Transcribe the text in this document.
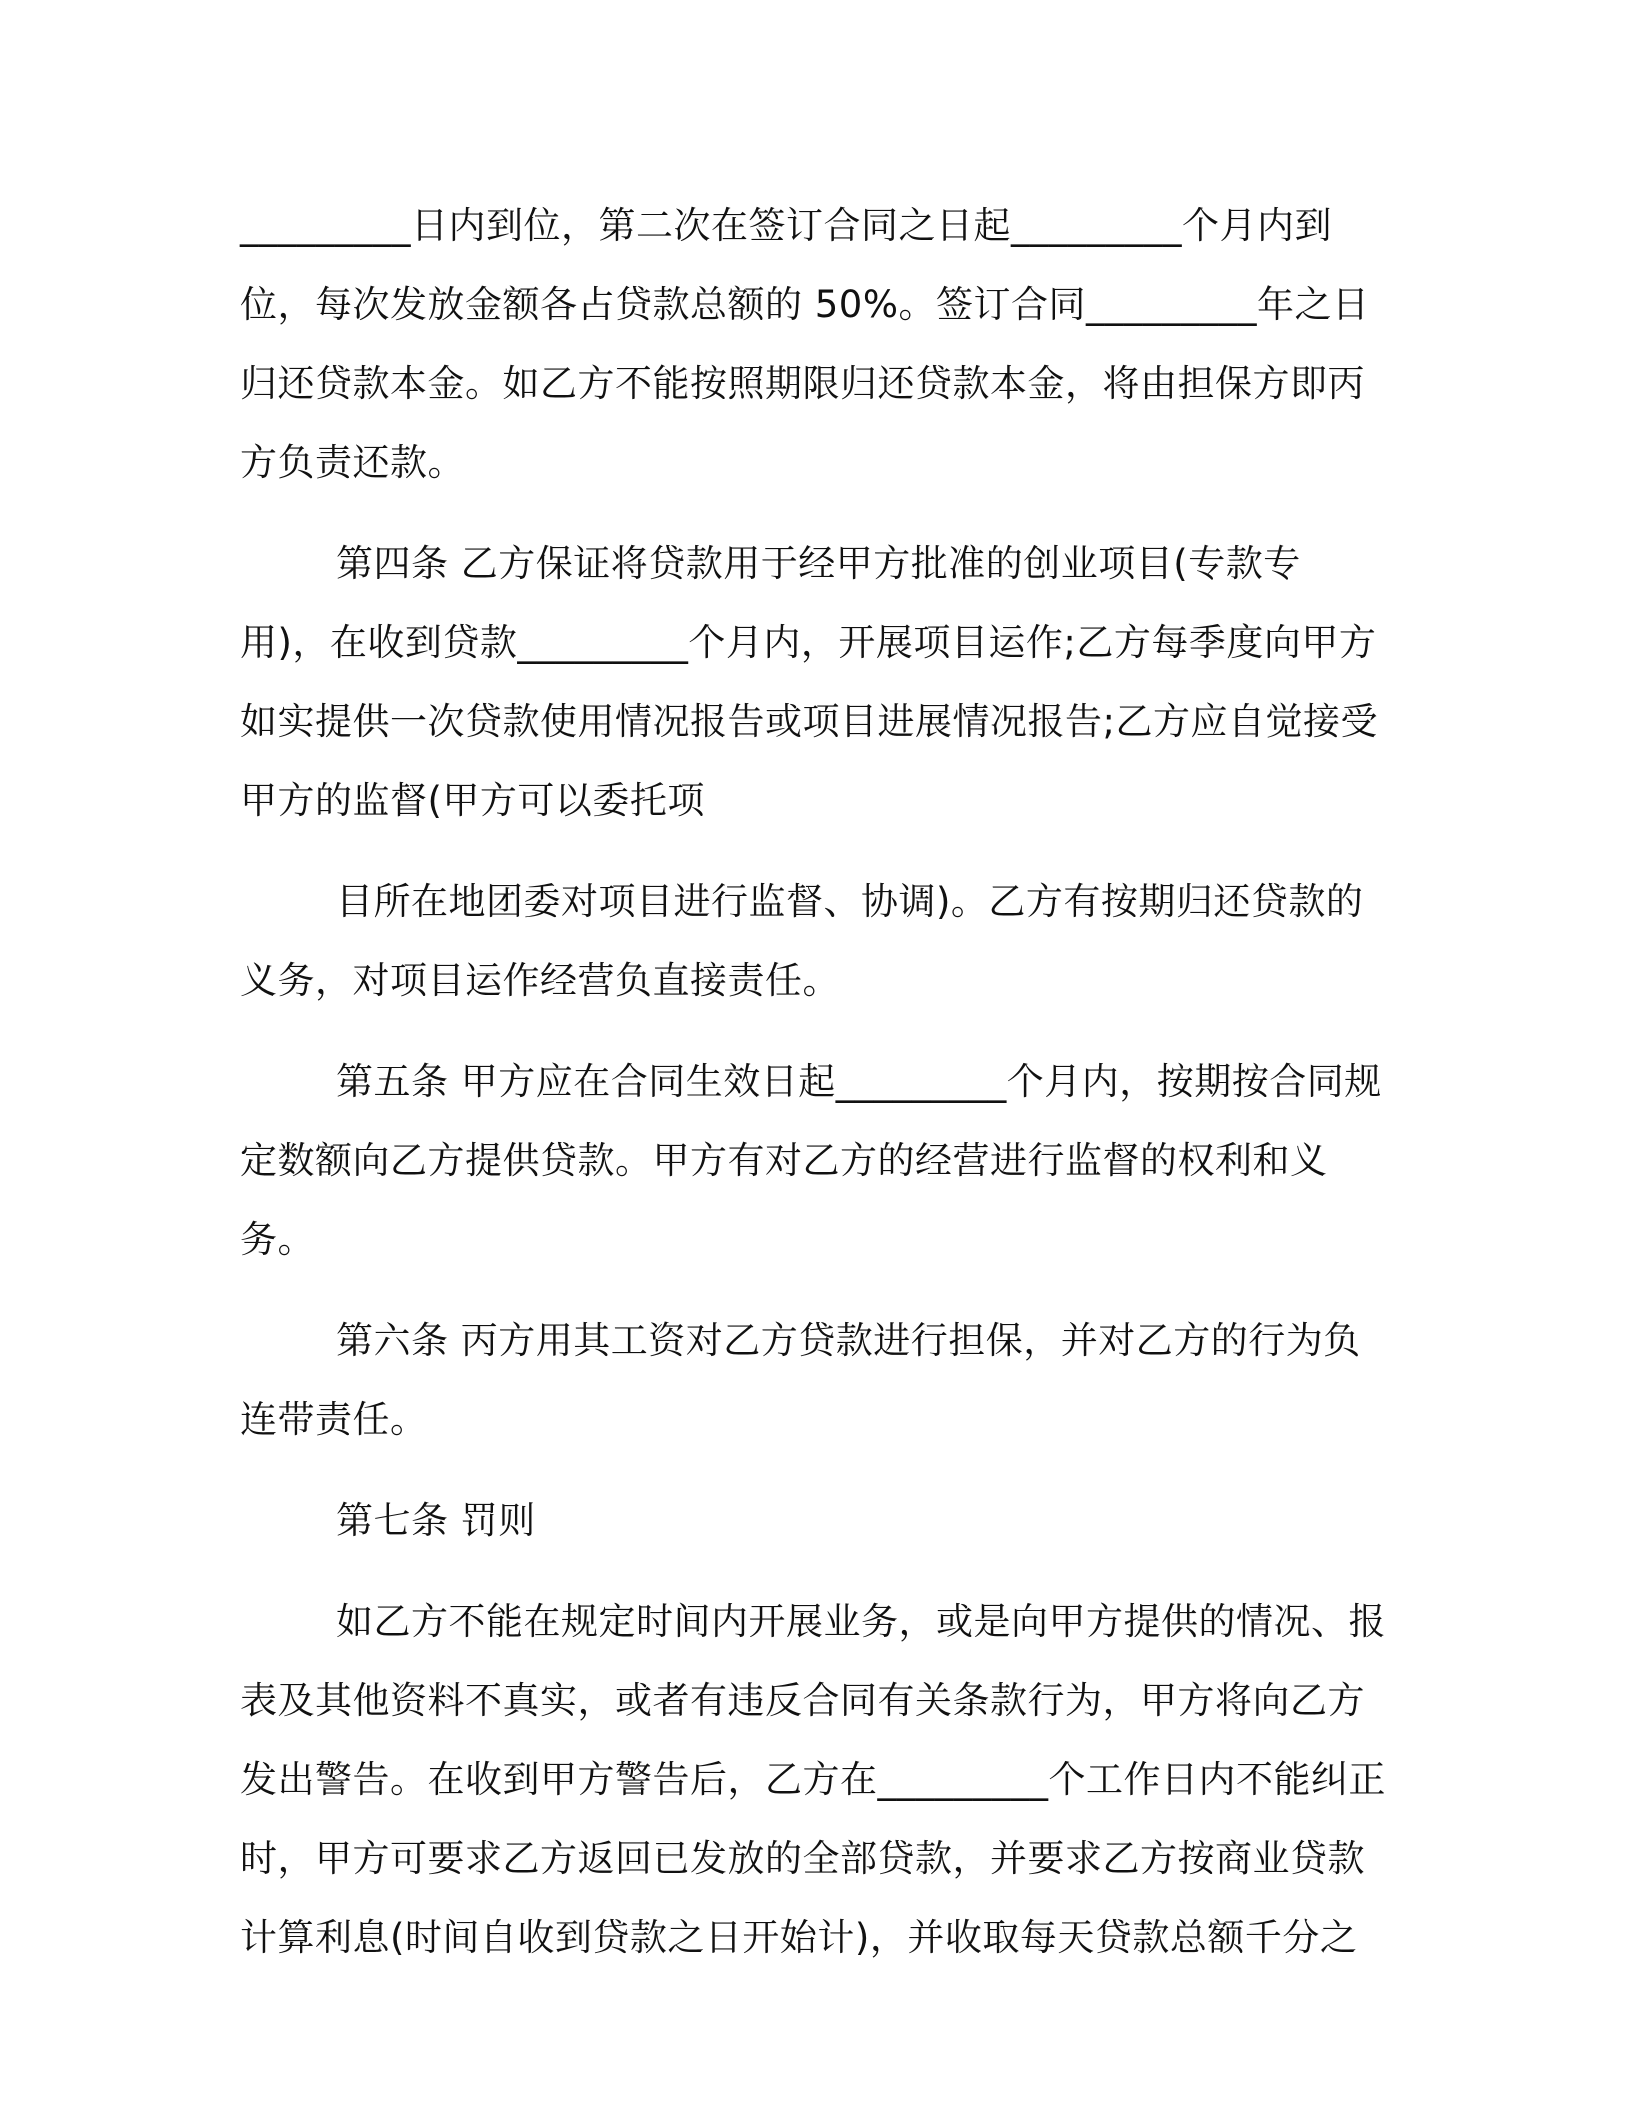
_________日内到位，第二次在签订合同之日起_________个月内到位，每次发放金额各占贷款总额的 50%。签订合同_________年之日归还贷款本金。如乙方不能按照期限归还贷款本金，将由担保方即丙方负责还款。

第四条 乙方保证将贷款用于经甲方批准的创业项目(专款专用)，在收到贷款_________个月内，开展项目运作;乙方每季度向甲方如实提供一次贷款使用情况报告或项目进展情况报告;乙方应自觉接受甲方的监督(甲方可以委托项

目所在地团委对项目进行监督、协调)。乙方有按期归还贷款的义务，对项目运作经营负直接责任。

第五条 甲方应在合同生效日起_________个月内，按期按合同规定数额向乙方提供贷款。甲方有对乙方的经营进行监督的权利和义务。

第六条 丙方用其工资对乙方贷款进行担保，并对乙方的行为负连带责任。

第七条 罚则

如乙方不能在规定时间内开展业务，或是向甲方提供的情况、报表及其他资料不真实，或者有违反合同有关条款行为，甲方将向乙方发出警告。在收到甲方警告后，乙方在_________个工作日内不能纠正时，甲方可要求乙方返回已发放的全部贷款，并要求乙方按商业贷款计算利息(时间自收到贷款之日开始计)，并收取每天贷款总额千分之
